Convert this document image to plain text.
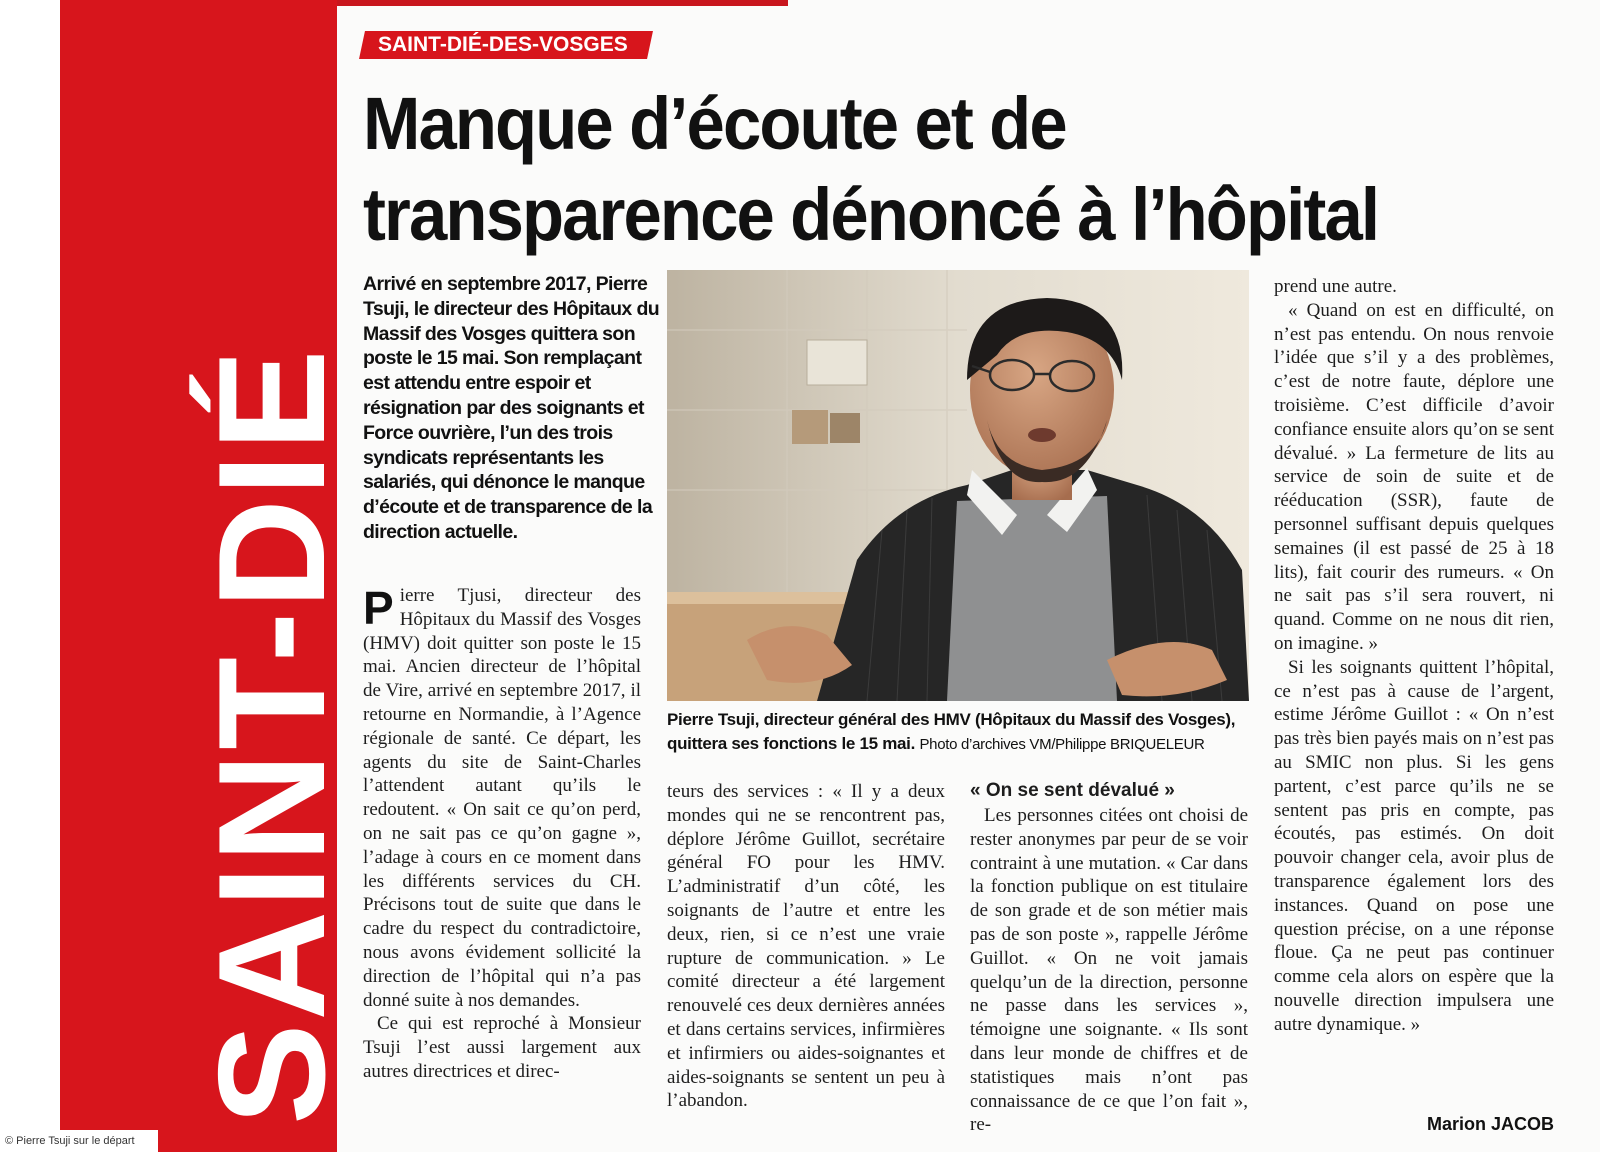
SAINT-DIÉ
SAINT-DIÉ-DES-VOSGES
Manque d’écoute et de
transparence dénoncé à l’hôpital

Arrivé en septembre 2017, Pierre Tsuji, le directeur des Hôpitaux du Massif des Vosges quittera son poste le 15 mai. Son remplaçant est attendu entre espoir et résignation par des soignants et Force ouvrière, l’un des trois syndicats représentants les salariés, qui dénonce le manque d’écoute et de transparence de la direction actuelle.

Pierre Tsuji, directeur général des HMV (Hôpitaux du Massif des Vosges), quittera ses fonctions le 15 mai. Photo d’archives VM/Philippe BRIQUELEUR

Pierre Tjusi, directeur des Hôpitaux du Massif des Vosges (HMV) doit quitter son poste le 15 mai. Ancien directeur de l’hôpital de Vire, arrivé en septembre 2017, il retourne en Normandie, à l’Agence régionale de santé. Ce départ, les agents du site de Saint-Charles l’attendent autant qu’ils le redoutent. « On sait ce qu’on perd, on ne sait pas ce qu’on gagne », l’adage à cours en ce moment dans les différents services du CH. Précisons tout de suite que dans le cadre du respect du contradictoire, nous avons évidement sollicité la direction de l’hôpital qui n’a pas donné suite à nos demandes.

Ce qui est reproché à Monsieur Tsuji l’est aussi largement aux autres directrices et direc-

teurs des services : « Il y a deux mondes qui ne se rencontrent pas, déplore Jérôme Guillot, secrétaire général FO pour les HMV. L’administratif d’un côté, les soignants de l’autre et entre les deux, rien, si ce n’est une vraie rupture de communication. » Le comité directeur a été largement renouvelé ces deux dernières années et dans certains services, infirmières et infirmiers ou aides-soignantes et aides-soignants se sentent un peu à l’abandon.

« On se sent dévalué »

Les personnes citées ont choisi de rester anonymes par peur de se voir contraint à une mutation. « Car dans la fonction publique on est titulaire de son grade et de son métier mais pas de son poste », rappelle Jérôme Guillot. « On ne voit jamais quelqu’un de la direction, personne ne passe dans les services », témoigne une soignante. « Ils sont dans leur monde de chiffres et de statistiques mais n’ont pas connaissance de ce que l’on fait », re-

prend une autre.

« Quand on est en difficulté, on n’est pas entendu. On nous renvoie l’idée que s’il y a des problèmes, c’est de notre faute, déplore une troisième. C’est difficile d’avoir confiance ensuite alors qu’on se sent dévalué. » La fermeture de lits au service de soin de suite et de rééducation (SSR), faute de personnel suffisant depuis quelques semaines (il est passé de 25 à 18 lits), fait courir des rumeurs. « On ne sait pas s’il sera rouvert, ni quand. Comme on ne nous dit rien, on imagine. »

Si les soignants quittent l’hôpital, ce n’est pas à cause de l’argent, estime Jérôme Guillot : « On n’est pas très bien payés mais on n’est pas au SMIC non plus. Si les gens partent, c’est parce qu’ils ne se sentent pas pris en compte, pas écoutés, pas estimés. On doit pouvoir changer cela, avoir plus de transparence également lors des instances. Quand on pose une question précise, on a une réponse floue. Ça ne peut pas continuer comme cela alors on espère que la nouvelle direction impulsera une autre dynamique. »

Marion JACOB
© Pierre Tsuji sur le départ
